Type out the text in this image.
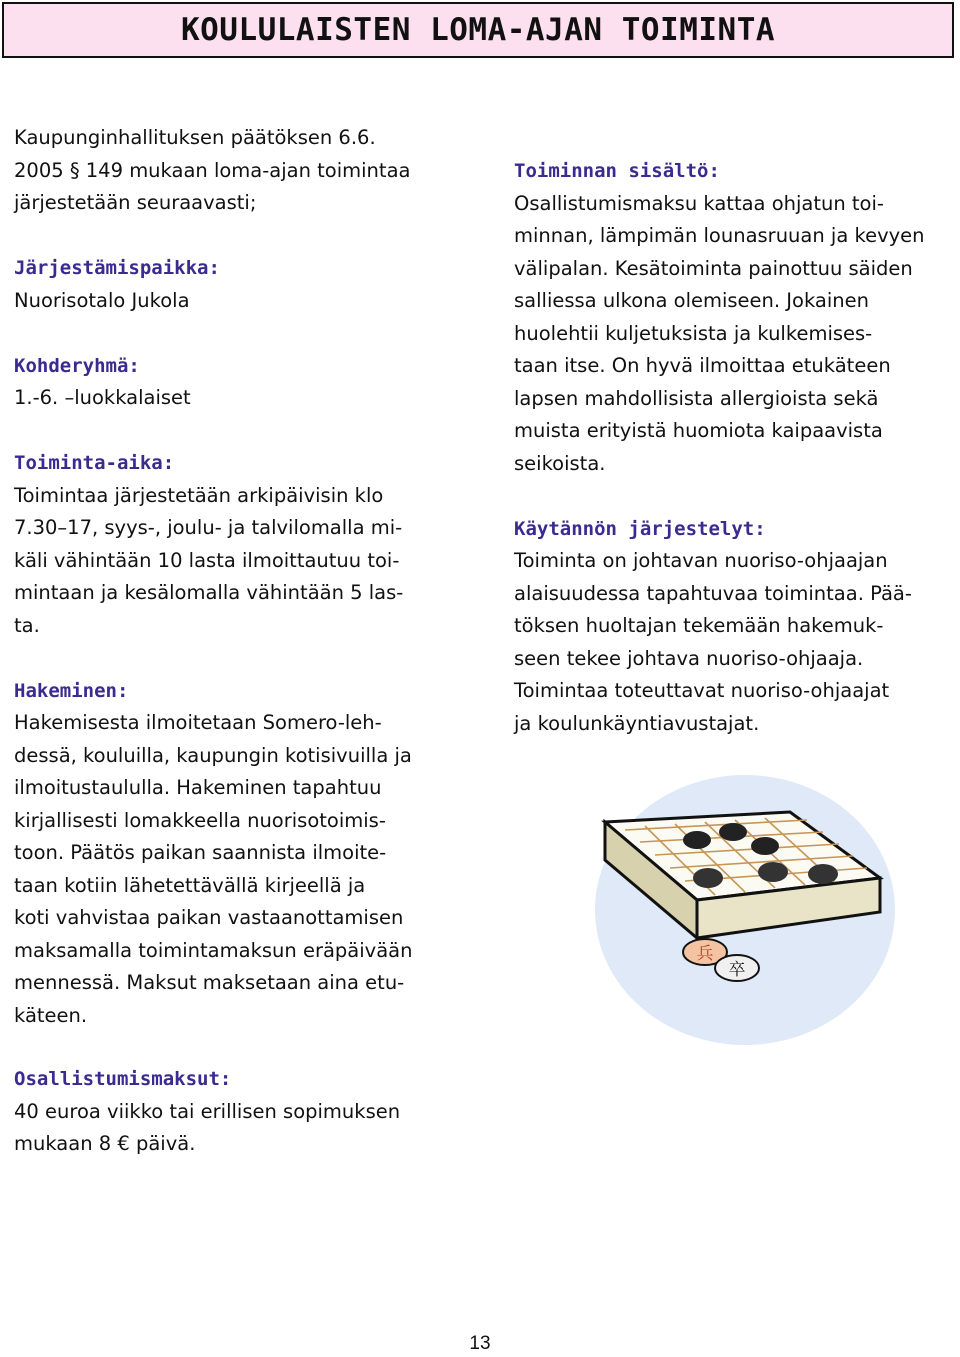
KOULULAISTEN LOMA-AJAN TOIMINTA
Kaupunginhallituksen päätöksen 6.6.
2005 § 149 mukaan loma-ajan toimintaa
järjestetään seuraavasti;
Järjestämispaikka:
Nuorisotalo Jukola
Kohderyhmä:
1.-6. –luokkalaiset
Toiminta-aika:
Toimintaa järjestetään arkipäivisin klo
7.30–17, syys-, joulu- ja talvilomalla mi-
käli vähintään 10 lasta ilmoittautuu toi-
mintaan ja kesälomalla vähintään 5 las-
ta.
Hakeminen:
Hakemisesta ilmoitetaan Somero-leh-
dessä, kouluilla, kaupungin kotisivuilla ja
ilmoitustaululla. Hakeminen tapahtuu
kirjallisesti lomakkeella nuorisotoimis-
toon. Päätös paikan saannista ilmoite-
taan kotiin lähetettävällä kirjeellä ja
koti vahvistaa paikan vastaanottamisen
maksamalla toimintamaksun eräpäivään
mennessä. Maksut maksetaan aina etu-
käteen.
Osallistumismaksut:
40 euroa viikko tai erillisen sopimuksen
mukaan 8 € päivä.
Toiminnan sisältö:
Osallistumismaksu kattaa ohjatun toi-
minnan, lämpimän lounasruuan ja kevyen
välipalan. Kesätoiminta painottuu säiden
salliessa ulkona olemiseen. Jokainen
huolehtii kuljetuksista ja kulkemises-
taan itse. On hyvä ilmoittaa etukäteen
lapsen mahdollisista allergioista sekä
muista erityistä huomiota kaipaavista
seikoista.
Käytännön järjestelyt:
Toiminta on johtavan nuoriso-ohjaajan
alaisuudessa tapahtuvaa toimintaa. Pää-
töksen huoltajan tekemään hakemuk-
seen tekee johtava nuoriso-ohjaaja.
Toimintaa toteuttavat nuoriso-ohjaajat
ja koulunkäyntiavustajat.
兵
卒
13
